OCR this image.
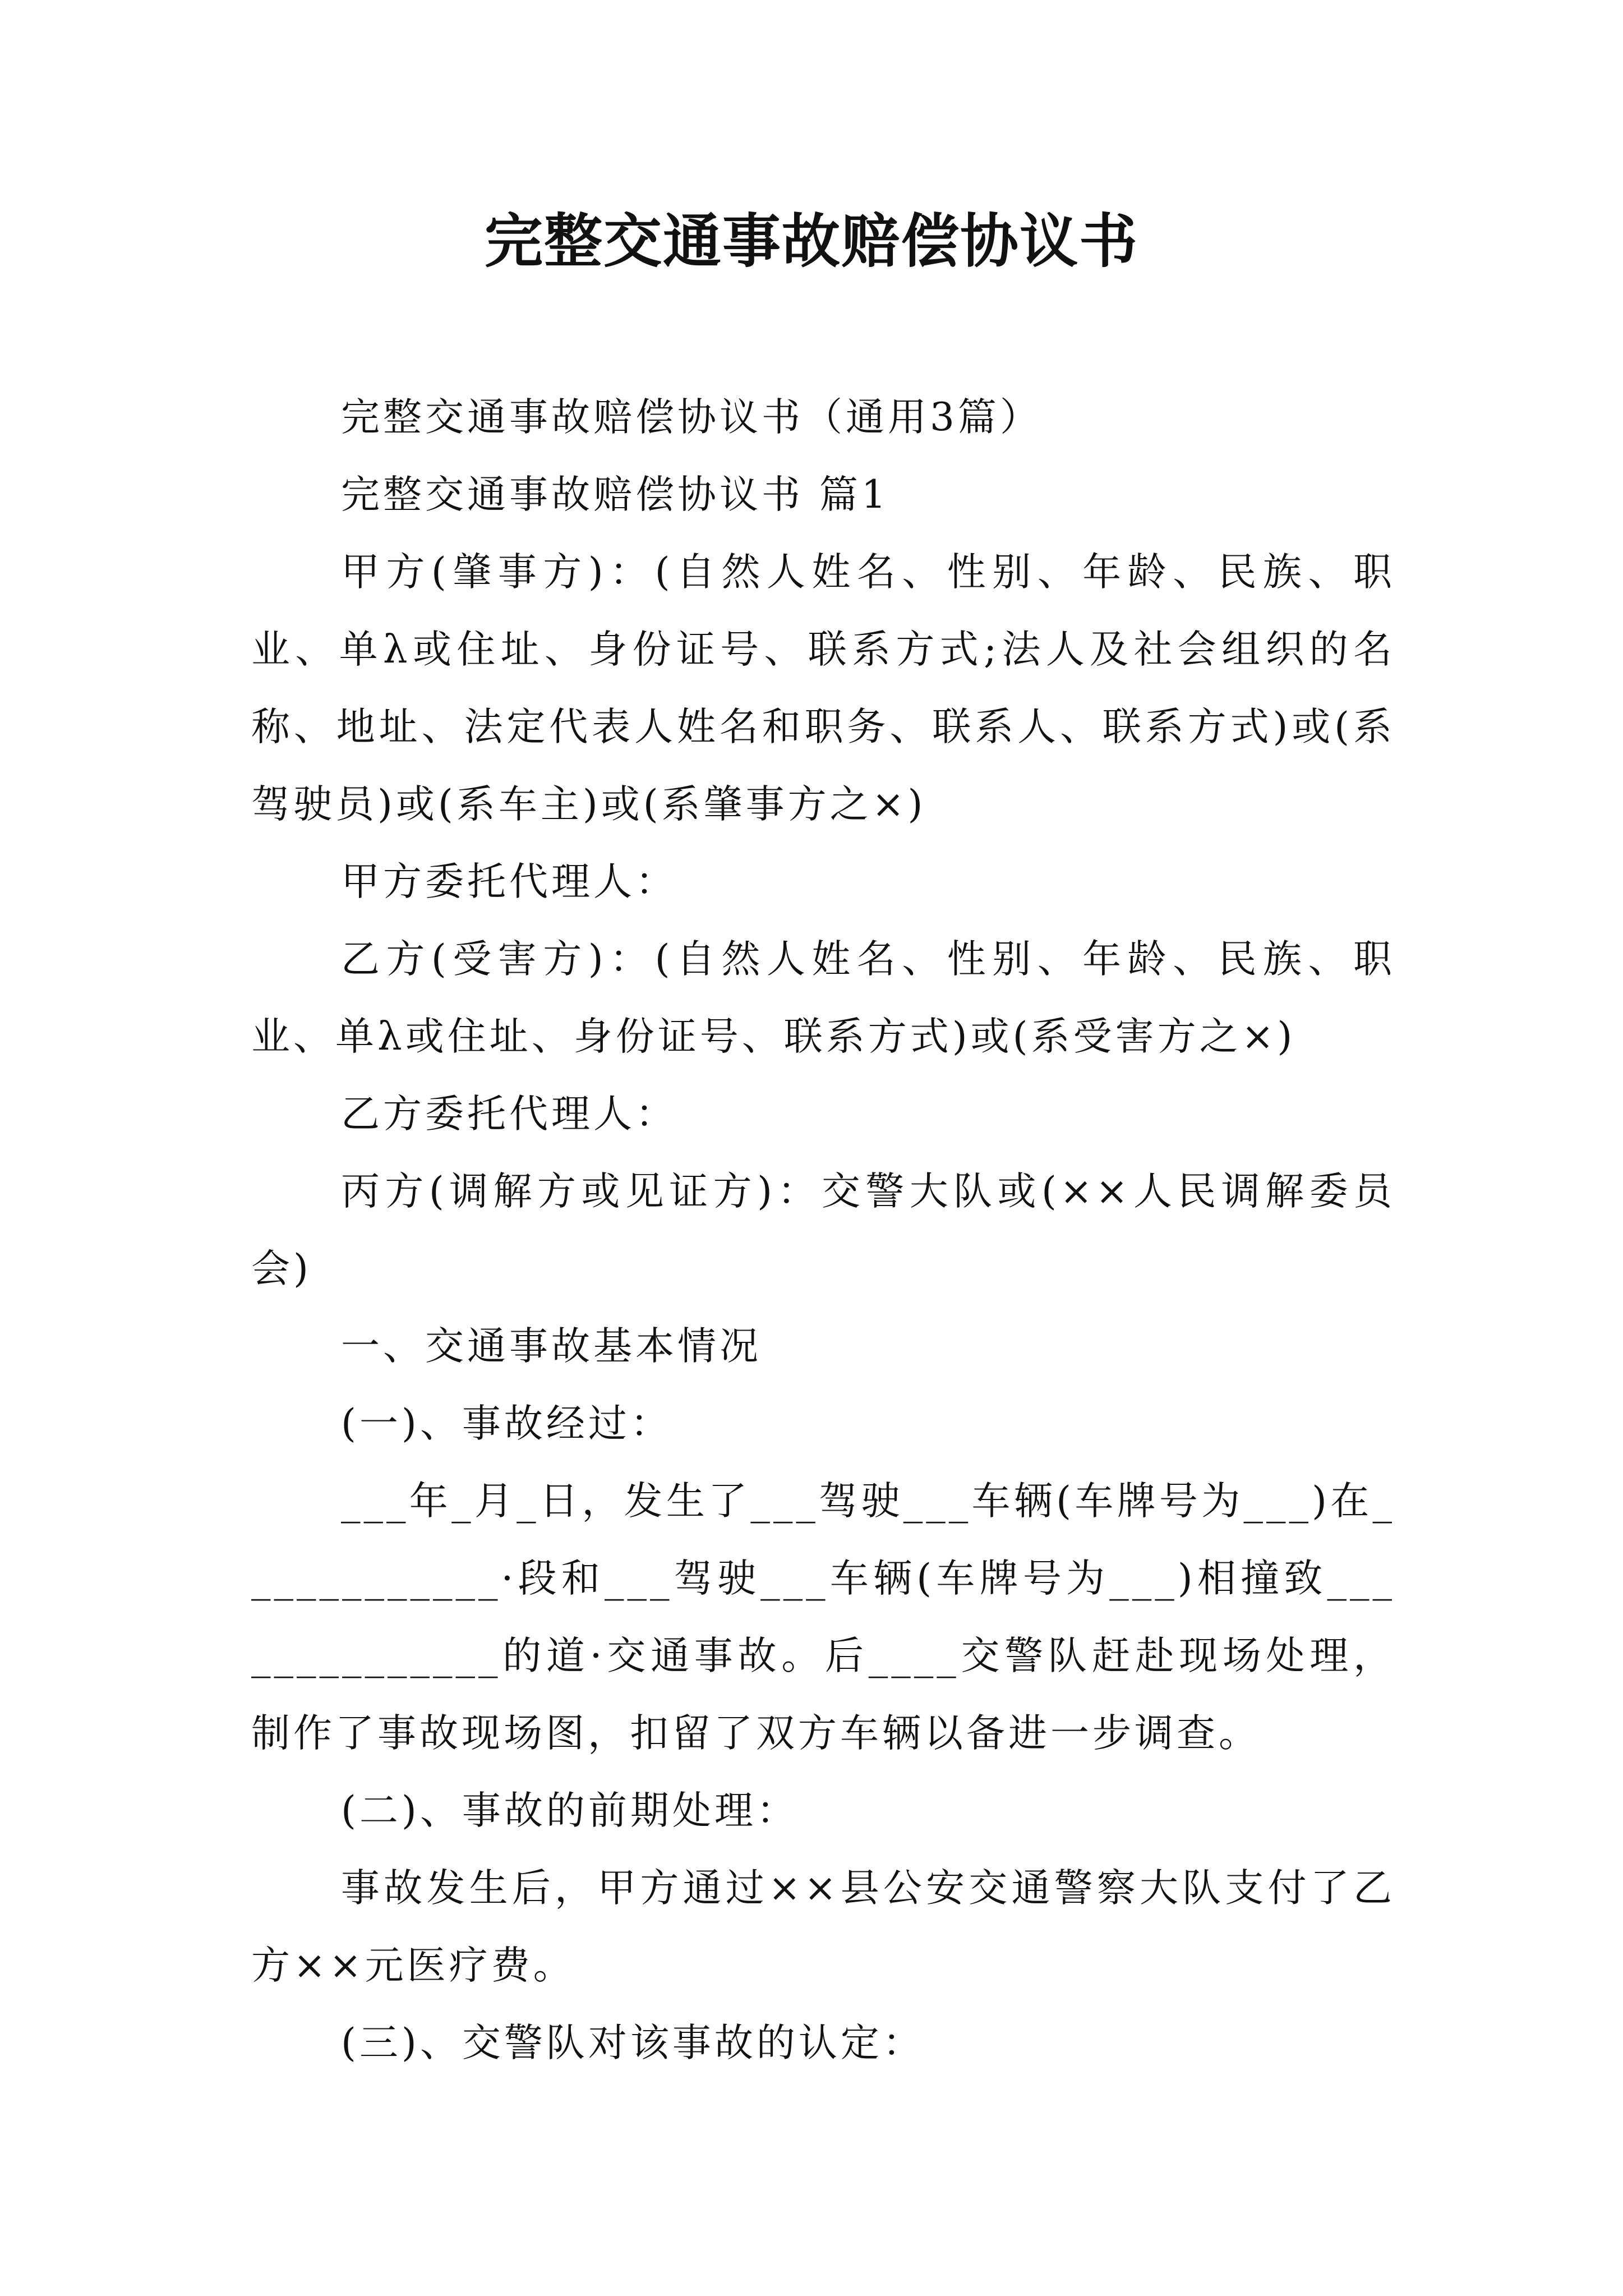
完整交通事故赔偿协议书

完整交通事故赔偿协议书（通用3篇）

完整交通事故赔偿协议书 篇1

甲方(肇事方)：(自然人姓名、性别、年龄、民族、职业、单λ或住址、身份证号、联系方式;法人及社会组织的名称、地址、法定代表人姓名和职务、联系人、联系方式)或(系驾驶员)或(系车主)或(系肇事方之×)

甲方委托代理人：

乙方(受害方)：(自然人姓名、性别、年龄、民族、职业、单λ或住址、身份证号、联系方式)或(系受害方之×)

乙方委托代理人：

丙方(调解方或见证方)：交警大队或(××人民调解委员会)

一、交通事故基本情况

(一)、事故经过：

___年_月_日，发生了___驾驶___车辆(车牌号为___)在____________·段和___驾驶___车辆(车牌号为___)相撞致______________的道·交通事故。后____交警队赶赴现场处理，制作了事故现场图，扣留了双方车辆以备进一步调查。

(二)、事故的前期处理：

事故发生后，甲方通过××县公安交通警察大队支付了乙方××元医疗费。

(三)、交警队对该事故的认定：
